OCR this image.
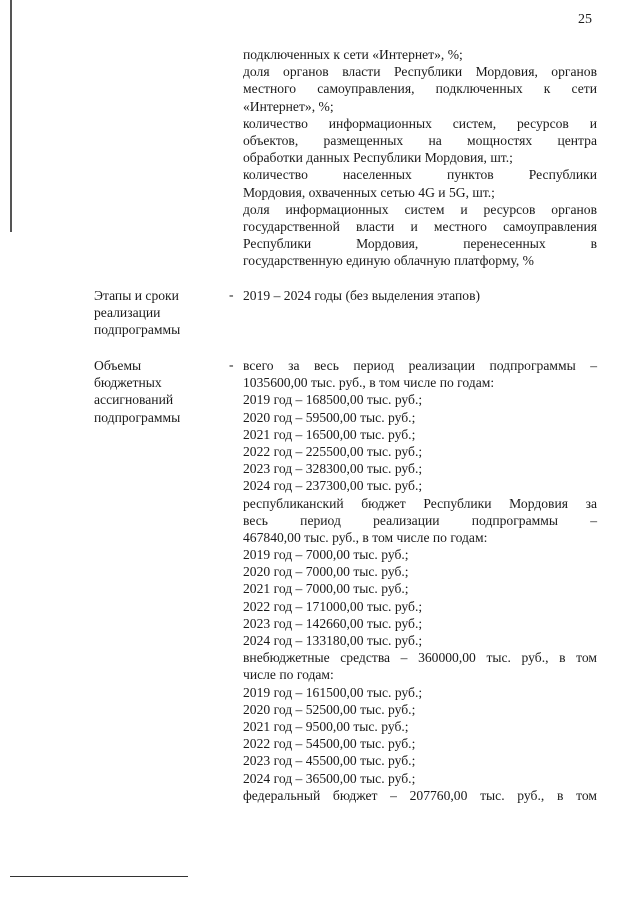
25
подключенных к сети «Интернет», %;
доля органов власти Республики Мордовия, органов
местного самоуправления, подключенных к сети
«Интернет», %;
количество информационных систем, ресурсов и
объектов, размещенных на мощностях центра
обработки данных Республики Мордовия, шт.;
количество населенных пунктов Республики
Мордовия, охваченных сетью 4G и 5G, шт.;
доля информационных систем и ресурсов органов
государственной власти и местного самоуправления
Республики Мордовия, перенесенных в
государственную единую облачную платформу, %
Этапы и сроки
реализации
подпрограммы
- 2019 – 2024 годы (без выделения этапов)
Объемы
бюджетных
ассигнований
подпрограммы
- всего за весь период реализации подпрограммы –
1035600,00 тыс. руб., в том числе по годам:
2019 год – 168500,00 тыс. руб.;
2020 год – 59500,00 тыс. руб.;
2021 год – 16500,00 тыс. руб.;
2022 год – 225500,00 тыс. руб.;
2023 год – 328300,00 тыс. руб.;
2024 год – 237300,00 тыс. руб.;
республиканский бюджет Республики Мордовия за
весь период реализации подпрограммы –
467840,00 тыс. руб., в том числе по годам:
2019 год – 7000,00 тыс. руб.;
2020 год – 7000,00 тыс. руб.;
2021 год – 7000,00 тыс. руб.;
2022 год – 171000,00 тыс. руб.;
2023 год – 142660,00 тыс. руб.;
2024 год – 133180,00 тыс. руб.;
внебюджетные средства – 360000,00 тыс. руб., в том
числе по годам:
2019 год – 161500,00 тыс. руб.;
2020 год – 52500,00 тыс. руб.;
2021 год – 9500,00 тыс. руб.;
2022 год – 54500,00 тыс. руб.;
2023 год – 45500,00 тыс. руб.;
2024 год – 36500,00 тыс. руб.;
федеральный бюджет – 207760,00 тыс. руб., в том
